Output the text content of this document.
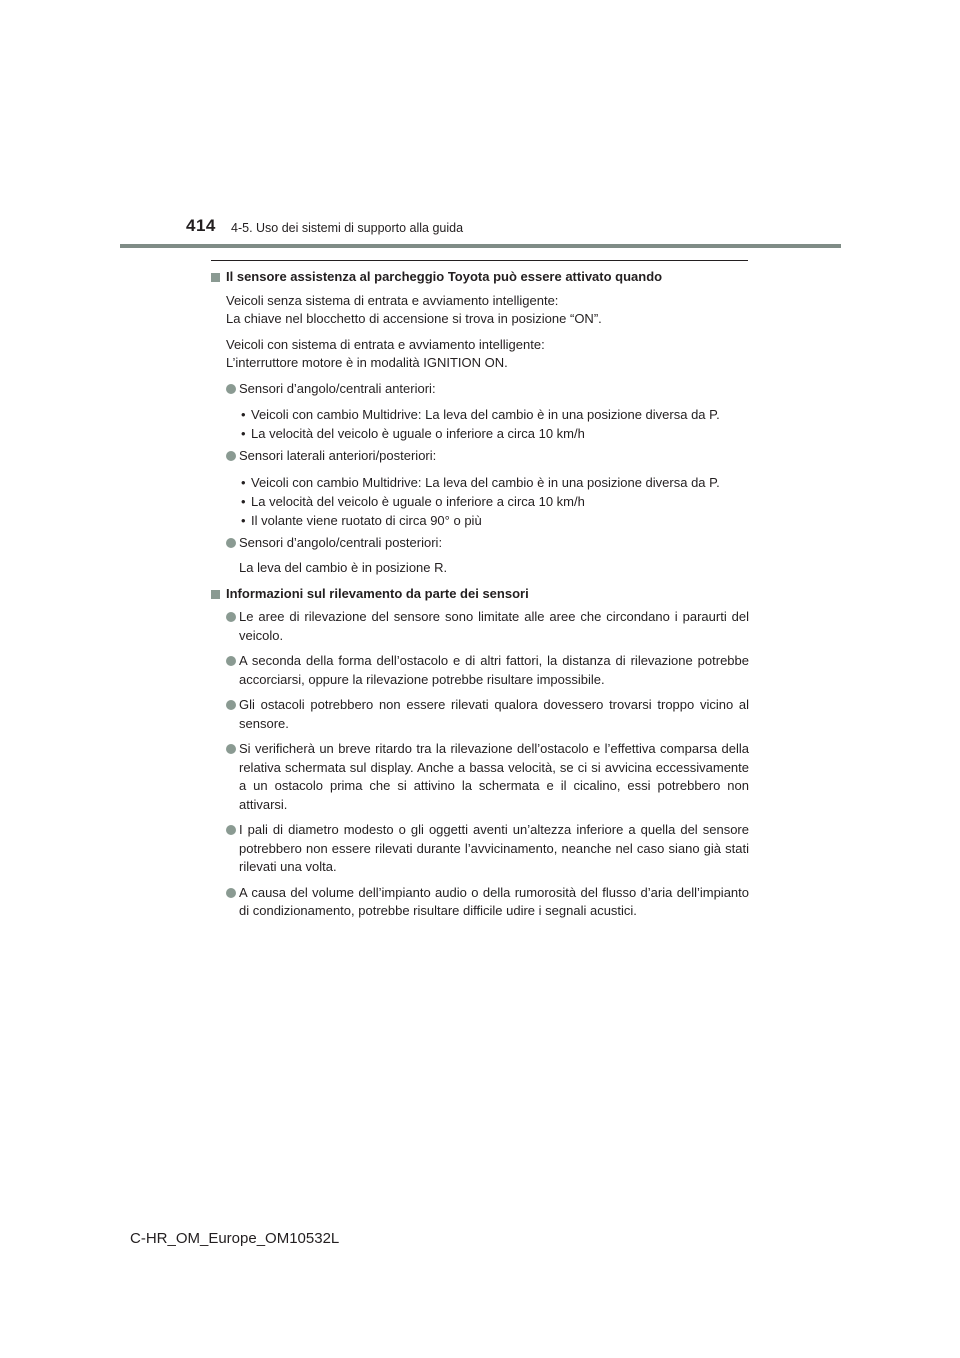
414 4-5. Uso dei sistemi di supporto alla guida
Il sensore assistenza al parcheggio Toyota può essere attivato quando
Veicoli senza sistema di entrata e avviamento intelligente:
La chiave nel blocchetto di accensione si trova in posizione “ON”.
Veicoli con sistema di entrata e avviamento intelligente:
L’interruttore motore è in modalità IGNITION ON.
Sensori d’angolo/centrali anteriori:
• Veicoli con cambio Multidrive: La leva del cambio è in una posizione diversa da P.
• La velocità del veicolo è uguale o inferiore a circa 10 km/h
Sensori laterali anteriori/posteriori:
• Veicoli con cambio Multidrive: La leva del cambio è in una posizione diversa da P.
• La velocità del veicolo è uguale o inferiore a circa 10 km/h
• Il volante viene ruotato di circa 90° o più
Sensori d’angolo/centrali posteriori:
La leva del cambio è in posizione R.
Informazioni sul rilevamento da parte dei sensori
Le aree di rilevazione del sensore sono limitate alle aree che circondano i paraurti del veicolo.
A seconda della forma dell’ostacolo e di altri fattori, la distanza di rilevazione potrebbe accorciarsi, oppure la rilevazione potrebbe risultare impossibile.
Gli ostacoli potrebbero non essere rilevati qualora dovessero trovarsi troppo vicino al sensore.
Si verificherà un breve ritardo tra la rilevazione dell’ostacolo e l’effettiva comparsa della relativa schermata sul display. Anche a bassa velocità, se ci si avvicina eccessivamente a un ostacolo prima che si attivino la schermata e il cicalino, essi potrebbero non attivarsi.
I pali di diametro modesto o gli oggetti aventi un’altezza inferiore a quella del sensore potrebbero non essere rilevati durante l’avvicinamento, neanche nel caso siano già stati rilevati una volta.
A causa del volume dell’impianto audio o della rumorosità del flusso d’aria dell’impianto di condizionamento, potrebbe risultare difficile udire i segnali acustici.
C-HR_OM_Europe_OM10532L
